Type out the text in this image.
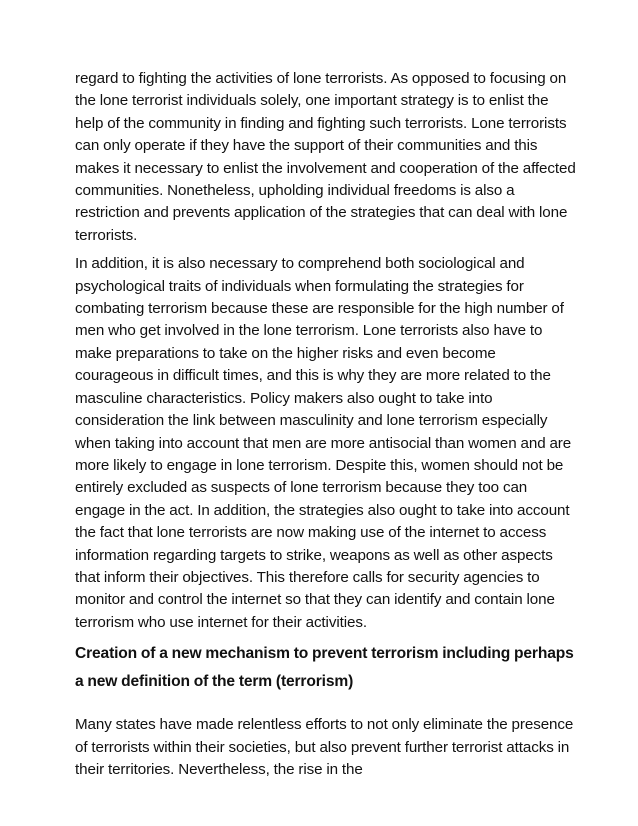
regard to fighting the activities of lone terrorists. As opposed to focusing on the lone terrorist individuals solely, one important strategy is to enlist the help of the community in finding and fighting such terrorists. Lone terrorists can only operate if they have the support of their communities and this makes it necessary to enlist the involvement and cooperation of the affected communities. Nonetheless, upholding individual freedoms is also a restriction and prevents application of the strategies that can deal with lone terrorists.

In addition, it is also necessary to comprehend both sociological and psychological traits of individuals when formulating the strategies for combating terrorism because these are responsible for the high number of men who get involved in the lone terrorism. Lone terrorists also have to make preparations to take on the higher risks and even become courageous in difficult times, and this is why they are more related to the masculine characteristics. Policy makers also ought to take into consideration the link between masculinity and lone terrorism especially when taking into account that men are more antisocial than women and are more likely to engage in lone terrorism. Despite this, women should not be entirely excluded as suspects of lone terrorism because they too can engage in the act. In addition, the strategies also ought to take into account the fact that lone terrorists are now making use of the internet to access information regarding targets to strike, weapons as well as other aspects that inform their objectives. This therefore calls for security agencies to monitor and control the internet so that they can identify and contain lone terrorism who use internet for their activities.

Creation of a new mechanism to prevent terrorism including perhaps a new definition of the term (terrorism)

Many states have made relentless efforts to not only eliminate the presence of terrorists within their societies, but also prevent further terrorist attacks in their territories. Nevertheless, the rise in the
